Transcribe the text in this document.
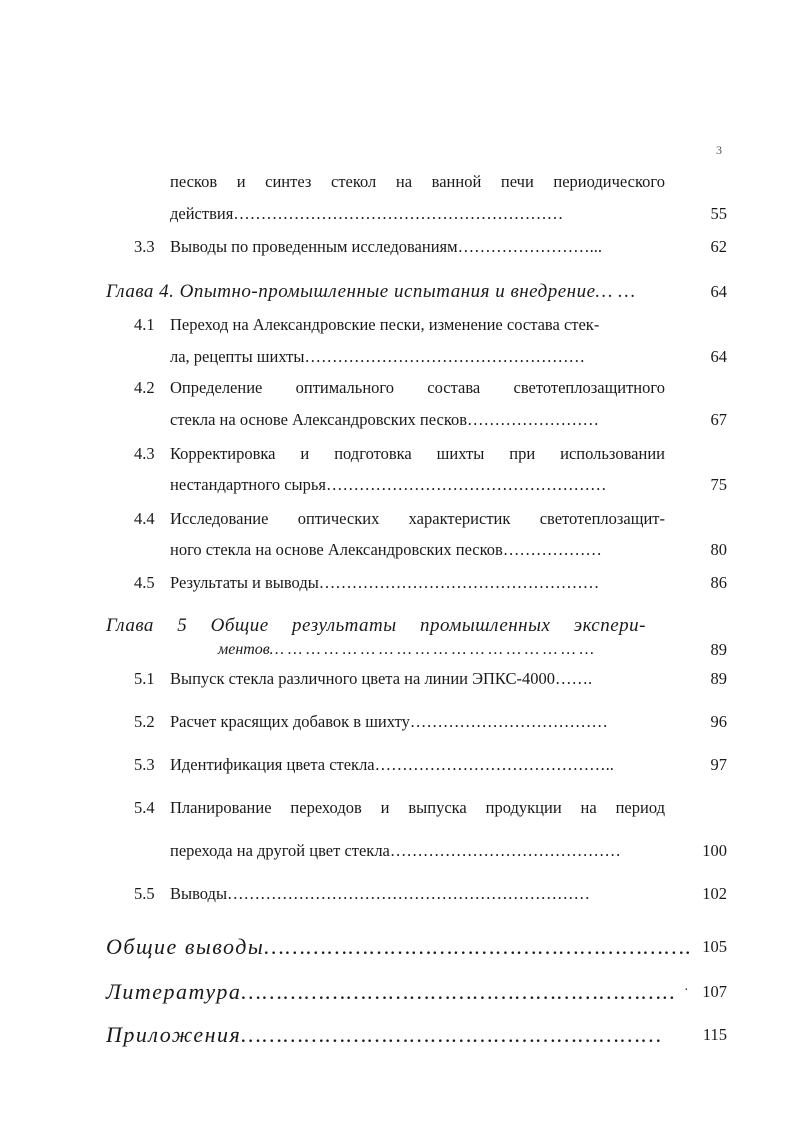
3
песков и синтез стекол на ванной печи периодического
действия……………………………………………………	55
3.3 Выводы по проведенным исследованиям……………………...	62
Глава 4. Опытно-промышленные испытания и внедрение… …	64
4.1 Переход на Александровские пески, изменение состава стек-
ла, рецепты шихты……………………………………………	64
4.2 Определение оптимального состава светотеплозащитного
стекла на основе Александровских песков……………………	67
4.3 Корректировка и подготовка шихты при использовании
нестандартного сырья……………………………………………	75
4.4 Исследование оптических характеристик светотеплозащит-
ного стекла на основе Александровских песков………………	80
4.5 Результаты и выводы……………………………………………	86
Глава 5 Общие результаты промышленных экспери-
ментов… … … … … … … … … … … … … … … … … …	89
5.1 Выпуск стекла различного цвета на линии ЭПКС-4000…….	89
5.2 Расчет красящих добавок в шихту………………………………	96
5.3 Идентификация цвета стекла……………………………………..	97
5.4 Планирование переходов и выпуска продукции на период
перехода на другой цвет стекла……………………………………	100
5.5 Выводы…………………………………………………………	102
Общие выводы……………………………………………………. 105
Литература…………………………………………………….. · 107
Приложения……………………………………………………	115
